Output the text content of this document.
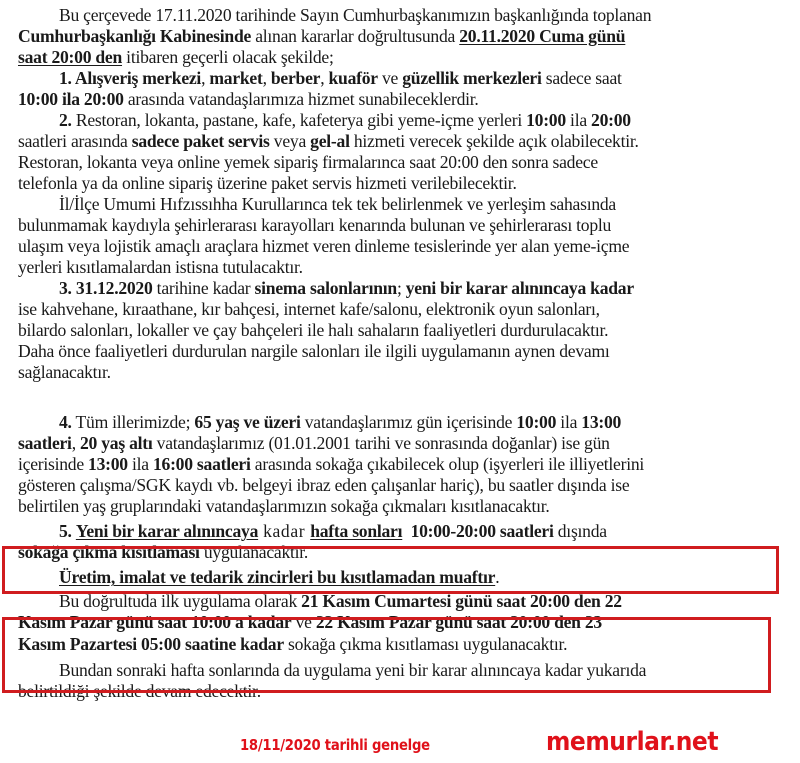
Bu çerçevede 17.11.2020 tarihinde Sayın Cumhurbaşkanımızın başkanlığında toplanan
Cumhurbaşkanlığı Kabinesinde alınan kararlar doğrultusunda 20.11.2020 Cuma günü
saat 20:00 den itibaren geçerli olacak şekilde;
1. Alışveriş merkezi, market, berber, kuaför ve güzellik merkezleri sadece saat
10:00 ila 20:00 arasında vatandaşlarımıza hizmet sunabileceklerdir.
2. Restoran, lokanta, pastane, kafe, kafeterya gibi yeme-içme yerleri 10:00 ila 20:00
saatleri arasında sadece paket servis veya gel-al hizmeti verecek şekilde açık olabilecektir.
Restoran, lokanta veya online yemek sipariş firmalarınca saat 20:00 den sonra sadece
telefonla ya da online sipariş üzerine paket servis hizmeti verilebilecektir.
İl/İlçe Umumi Hıfzıssıhha Kurullarınca tek tek belirlenmek ve yerleşim sahasında
bulunmamak kaydıyla şehirlerarası karayolları kenarında bulunan ve şehirlerarası toplu
ulaşım veya lojistik amaçlı araçlara hizmet veren dinleme tesislerinde yer alan yeme-içme
yerleri kısıtlamalardan istisna tutulacaktır.
3. 31.12.2020 tarihine kadar sinema salonlarının; yeni bir karar alınıncaya kadar
ise kahvehane, kıraathane, kır bahçesi, internet kafe/salonu, elektronik oyun salonları,
bilardo salonları, lokaller ve çay bahçeleri ile halı sahaların faaliyetleri durdurulacaktır.
Daha önce faaliyetleri durdurulan nargile salonları ile ilgili uygulamanın aynen devamı
sağlanacaktır.
4. Tüm illerimizde; 65 yaş ve üzeri vatandaşlarımız gün içerisinde 10:00 ila 13:00
saatleri, 20 yaş altı vatandaşlarımız (01.01.2001 tarihi ve sonrasında doğanlar) ise gün
içerisinde 13:00 ila 16:00 saatleri arasında sokağa çıkabilecek olup (işyerleri ile illiyetlerini
gösteren çalışma/SGK kaydı vb. belgeyi ibraz eden çalışanlar hariç), bu saatler dışında ise
belirtilen yaş gruplarındaki vatandaşlarımızın sokağa çıkmaları kısıtlanacaktır.
5. Yeni bir karar alınıncaya kadar hafta sonları 10:00-20:00 saatleri dışında
sokağa çıkma kısıtlaması uygulanacaktır.
Üretim, imalat ve tedarik zincirleri bu kısıtlamadan muaftır.
Bu doğrultuda ilk uygulama olarak 21 Kasım Cumartesi günü saat 20:00 den 22
Kasım Pazar günü saat 10:00 a kadar ve 22 Kasım Pazar günü saat 20:00 den 23
Kasım Pazartesi 05:00 saatine kadar sokağa çıkma kısıtlaması uygulanacaktır.
Bundan sonraki hafta sonlarında da uygulama yeni bir karar alınıncaya kadar yukarıda
belirtildiği şekilde devam edecektir.
18/11/2020 tarihli genelge	memurlar.net
